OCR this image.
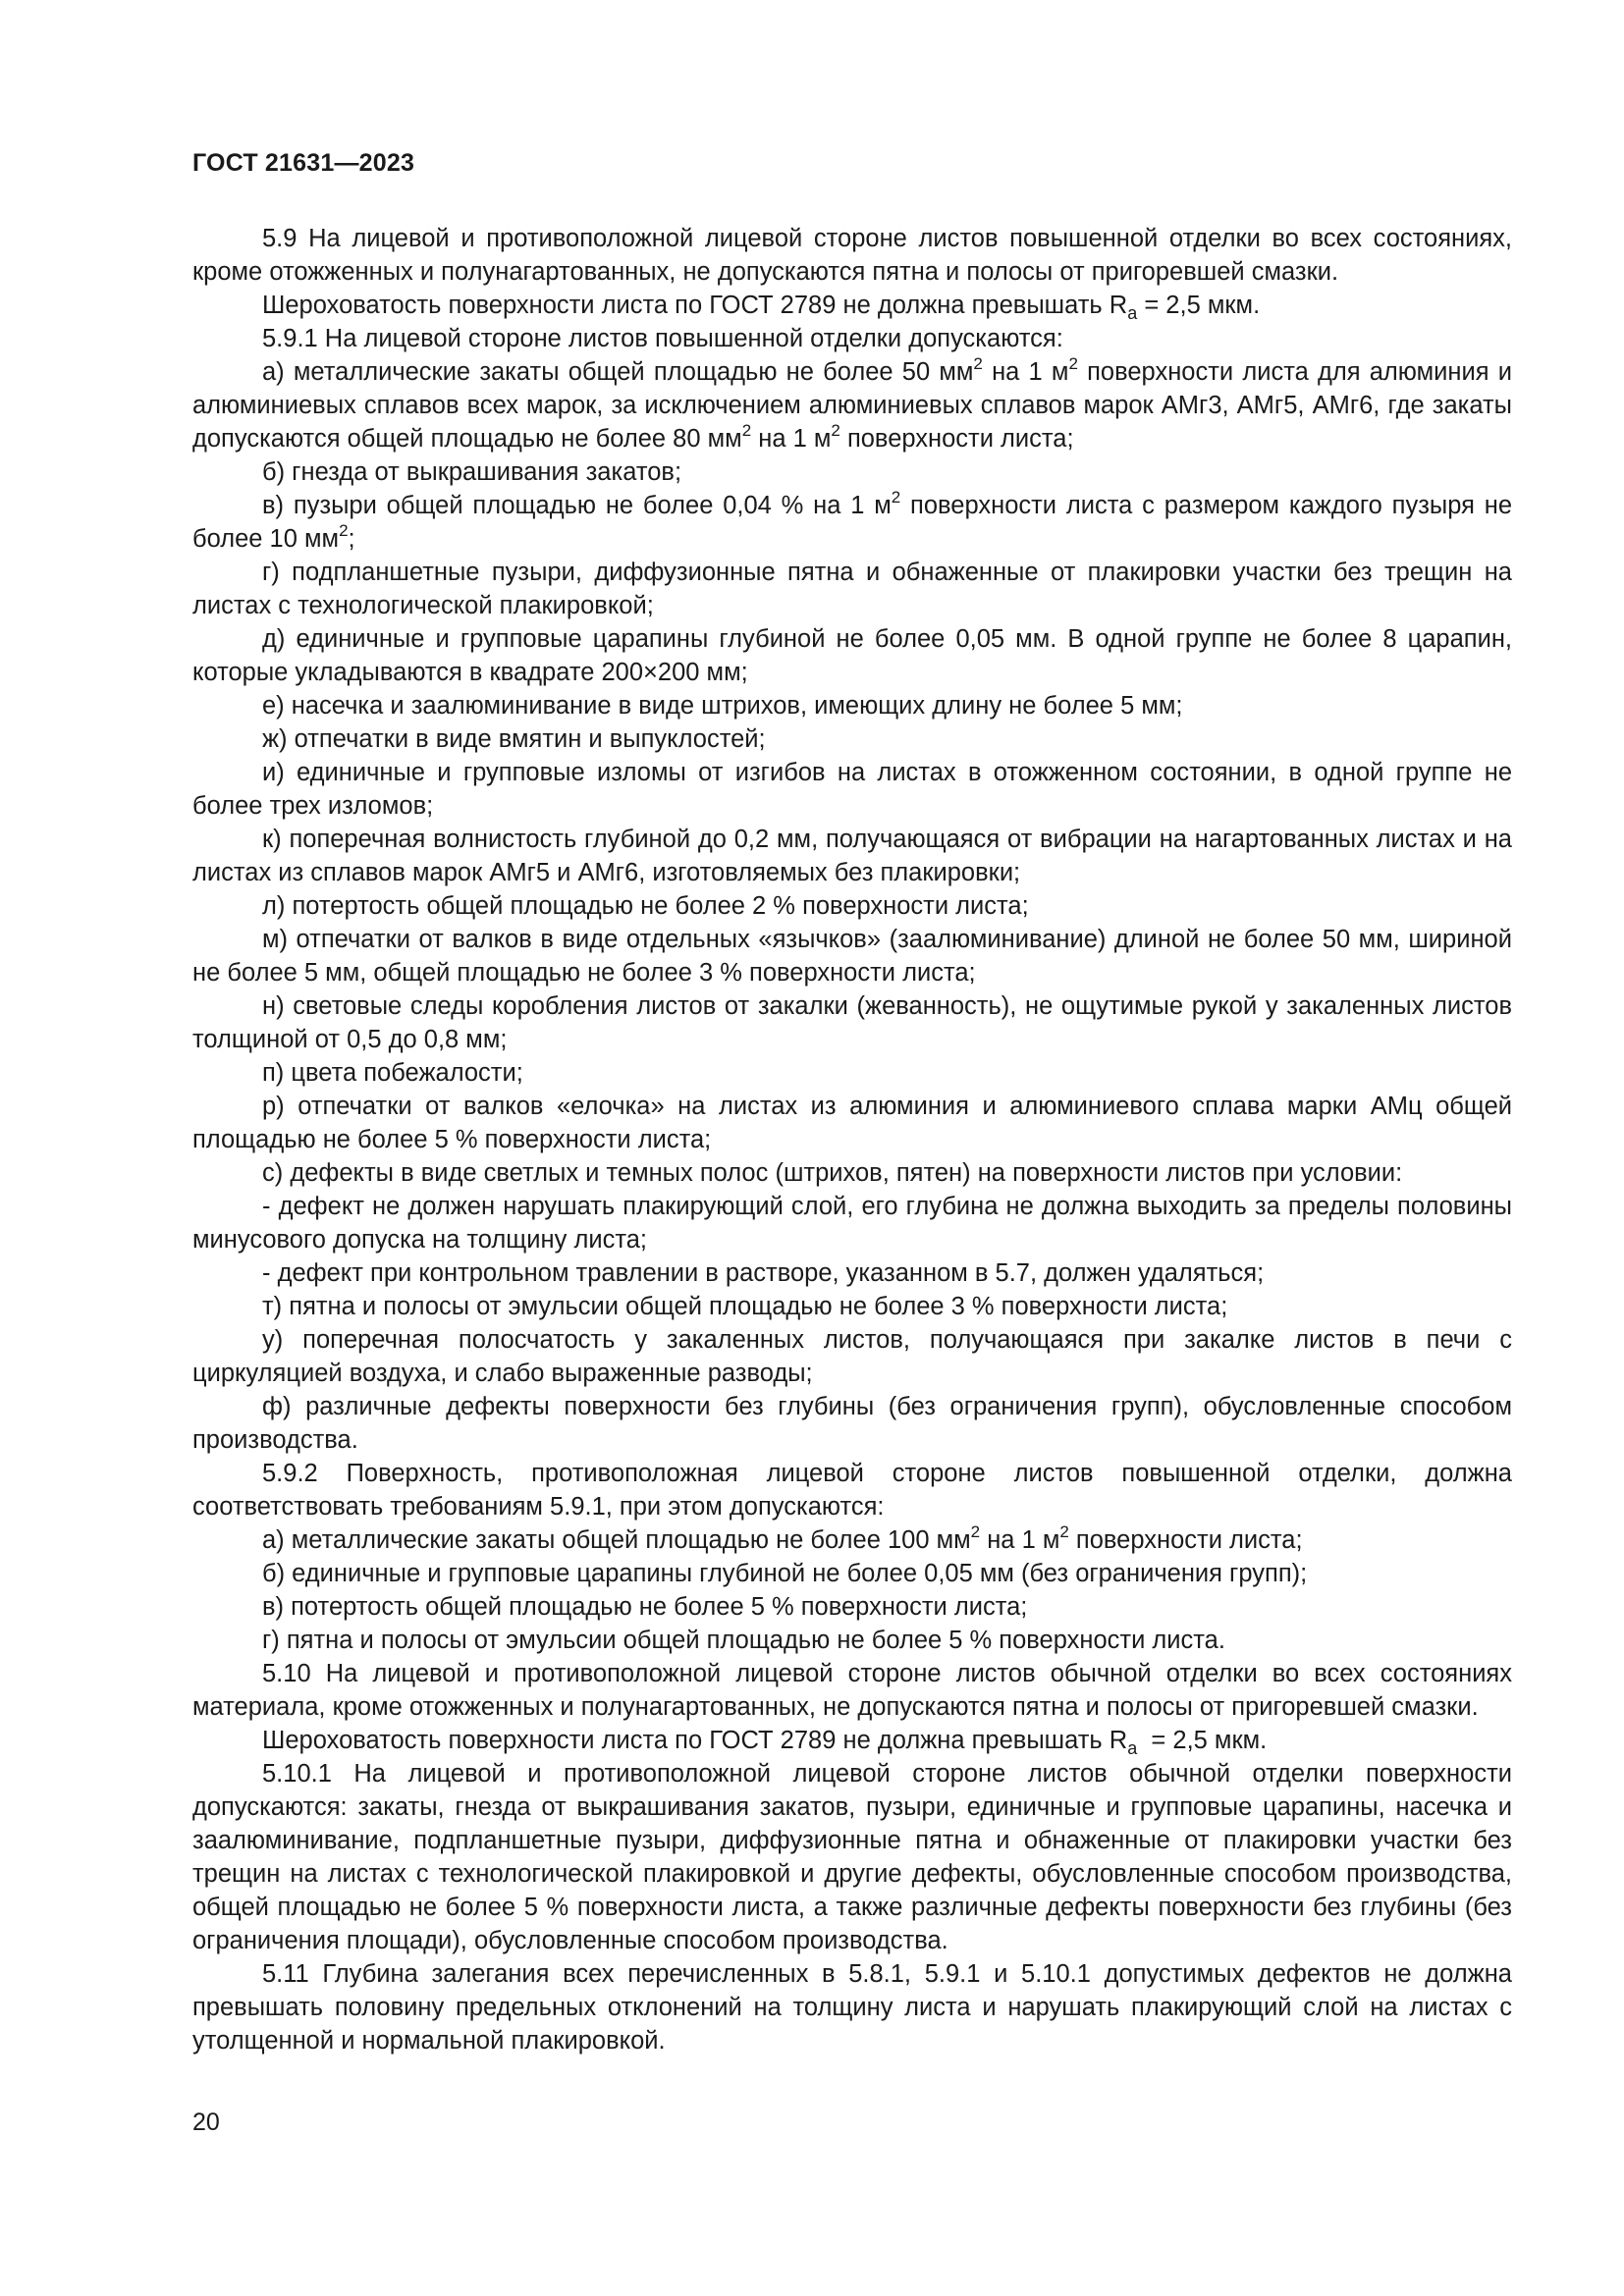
ГОСТ 21631—2023

5.9 На лицевой и противоположной лицевой стороне листов повышенной отделки во всех состояниях, кроме отожженных и полунагартованных, не допускаются пятна и полосы от пригоревшей смазки.

Шероховатость поверхности листа по ГОСТ 2789 не должна превышать $R_a = 2,5$ мкм.

5.9.1 На лицевой стороне листов повышенной отделки допускаются:

а) металлические закаты общей площадью не более 50 $мм^2$ на 1 $м^2$ поверхности листа для алюминия и алюминиевых сплавов всех марок, за исключением алюминиевых сплавов марок АМг3, АМг5, АМг6, где закаты допускаются общей площадью не более 80 $мм^2$ на 1 $м^2$ поверхности листа;

б) гнезда от выкрашивания закатов;

в) пузыри общей площадью не более 0,04 % на 1 $м^2$ поверхности листа с размером каждого пузыря не более 10 $мм^2$;

г) подпланшетные пузыри, диффузионные пятна и обнаженные от плакировки участки без трещин на листах с технологической плакировкой;

д) единичные и групповые царапины глубиной не более 0,05 мм. В одной группе не более 8 царапин, которые укладываются в квадрате 200×200 мм;

е) насечка и заалюминивание в виде штрихов, имеющих длину не более 5 мм;

ж) отпечатки в виде вмятин и выпуклостей;

и) единичные и групповые изломы от изгибов на листах в отожженном состоянии, в одной группе не более трех изломов;

к) поперечная волнистость глубиной до 0,2 мм, получающаяся от вибрации на нагартованных листах и на листах из сплавов марок АМг5 и АМг6, изготовляемых без плакировки;

л) потертость общей площадью не более 2 % поверхности листа;

м) отпечатки от валков в виде отдельных «язычков» (заалюминивание) длиной не более 50 мм, шириной не более 5 мм, общей площадью не более 3 % поверхности листа;

н) световые следы коробления листов от закалки (жеванность), не ощутимые рукой у закаленных листов толщиной от 0,5 до 0,8 мм;

п) цвета побежалости;

р) отпечатки от валков «елочка» на листах из алюминия и алюминиевого сплава марки АМц общей площадью не более 5 % поверхности листа;

с) дефекты в виде светлых и темных полос (штрихов, пятен) на поверхности листов при условии:

- дефект не должен нарушать плакирующий слой, его глубина не должна выходить за пределы половины минусового допуска на толщину листа;

- дефект при контрольном травлении в растворе, указанном в 5.7, должен удаляться;

т) пятна и полосы от эмульсии общей площадью не более 3 % поверхности листа;

у) поперечная полосчатость у закаленных листов, получающаяся при закалке листов в печи с циркуляцией воздуха, и слабо выраженные разводы;

ф) различные дефекты поверхности без глубины (без ограничения групп), обусловленные способом производства.

5.9.2 Поверхность, противоположная лицевой стороне листов повышенной отделки, должна соответствовать требованиям 5.9.1, при этом допускаются:

а) металлические закаты общей площадью не более 100 $мм^2$ на 1 $м^2$ поверхности листа;

б) единичные и групповые царапины глубиной не более 0,05 мм (без ограничения групп);

в) потертость общей площадью не более 5 % поверхности листа;

г) пятна и полосы от эмульсии общей площадью не более 5 % поверхности листа.

5.10 На лицевой и противоположной лицевой стороне листов обычной отделки во всех состояниях материала, кроме отожженных и полунагартованных, не допускаются пятна и полосы от пригоревшей смазки.

Шероховатость поверхности листа по ГОСТ 2789 не должна превышать $R_a = 2,5$ мкм.

5.10.1 На лицевой и противоположной лицевой стороне листов обычной отделки поверхности допускаются: закаты, гнезда от выкрашивания закатов, пузыри, единичные и групповые царапины, насечка и заалюминивание, подпланшетные пузыри, диффузионные пятна и обнаженные от плакировки участки без трещин на листах с технологической плакировкой и другие дефекты, обусловленные способом производства, общей площадью не более 5 % поверхности листа, а также различные дефекты поверхности без глубины (без ограничения площади), обусловленные способом производства.

5.11 Глубина залегания всех перечисленных в 5.8.1, 5.9.1 и 5.10.1 допустимых дефектов не должна превышать половину предельных отклонений на толщину листа и нарушать плакирующий слой на листах с утолщенной и нормальной плакировкой.

20
